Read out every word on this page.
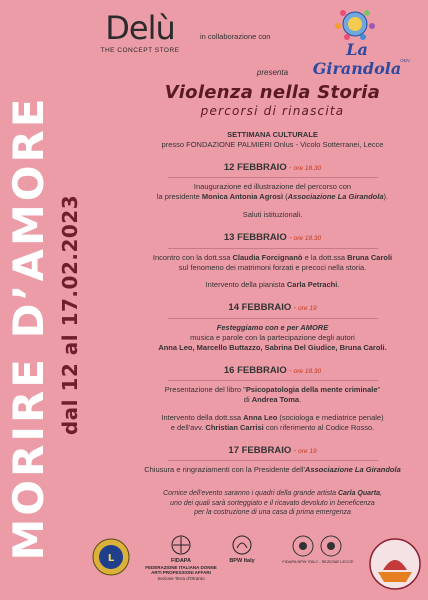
MORIRE D’AMORE dal 12 al 17.02.2023
Delù
THE CONCEPT STORE
in collaborazione con
La Girandola ODV
presenta
Violenza nella Storia
percorsi di rinascita
SETTIMANA CULTURALE
presso FONDAZIONE PALMIERI Onlus - Vicolo Sotterranei, Lecce
12 FEBBRAIO - ore 18.30
Inaugurazione ed illustrazione del percorso con
la presidente Monica Antonia Agrosì (Associazione La Girandola).
Saluti istituzionali.
13 FEBBRAIO - ore 18.30
Incontro con la dott.ssa Claudia Forcignanò e la dott.ssa Bruna Caroli
sul fenomeno dei matrimoni forzati e precoci nella storia.
Intervento della pianista Carla Petrachi.
14 FEBBRAIO - ore 19
Festeggiamo con e per AMORE
musica e parole con la partecipazione degli autori
Anna Leo, Marcello Buttazzo, Sabrina Del Giudice, Bruna Caroli.
16 FEBBRAIO - ore 18.30
Presentazione del libro "Psicopatologia della mente criminale"
di Andrea Toma.
Intervento della dott.ssa Anna Leo (sociologa e mediatrice penale)
e dell'avv. Christian Carrisi con riferimento al Codice Rosso.
17 FEBBRAIO - ore 19
Chiusura e ringraziamenti con la Presidente dell'Associazione La Girandola
Cornice dell'evento saranno i quadri della grande artista Carla Quarta,
uno dei quali sarà sorteggiato e il ricavato devoluto in beneficenza
per la costruzione di una casa di prima emergenza
L	FIDAPA
FEDERAZIONE ITALIANA DONNE ARTI PROFESSIONI AFFARI
Sezione Terra d'Otranto
BPW Italy	FIDAPA BPW ITALY - SEZIONE LECCE
